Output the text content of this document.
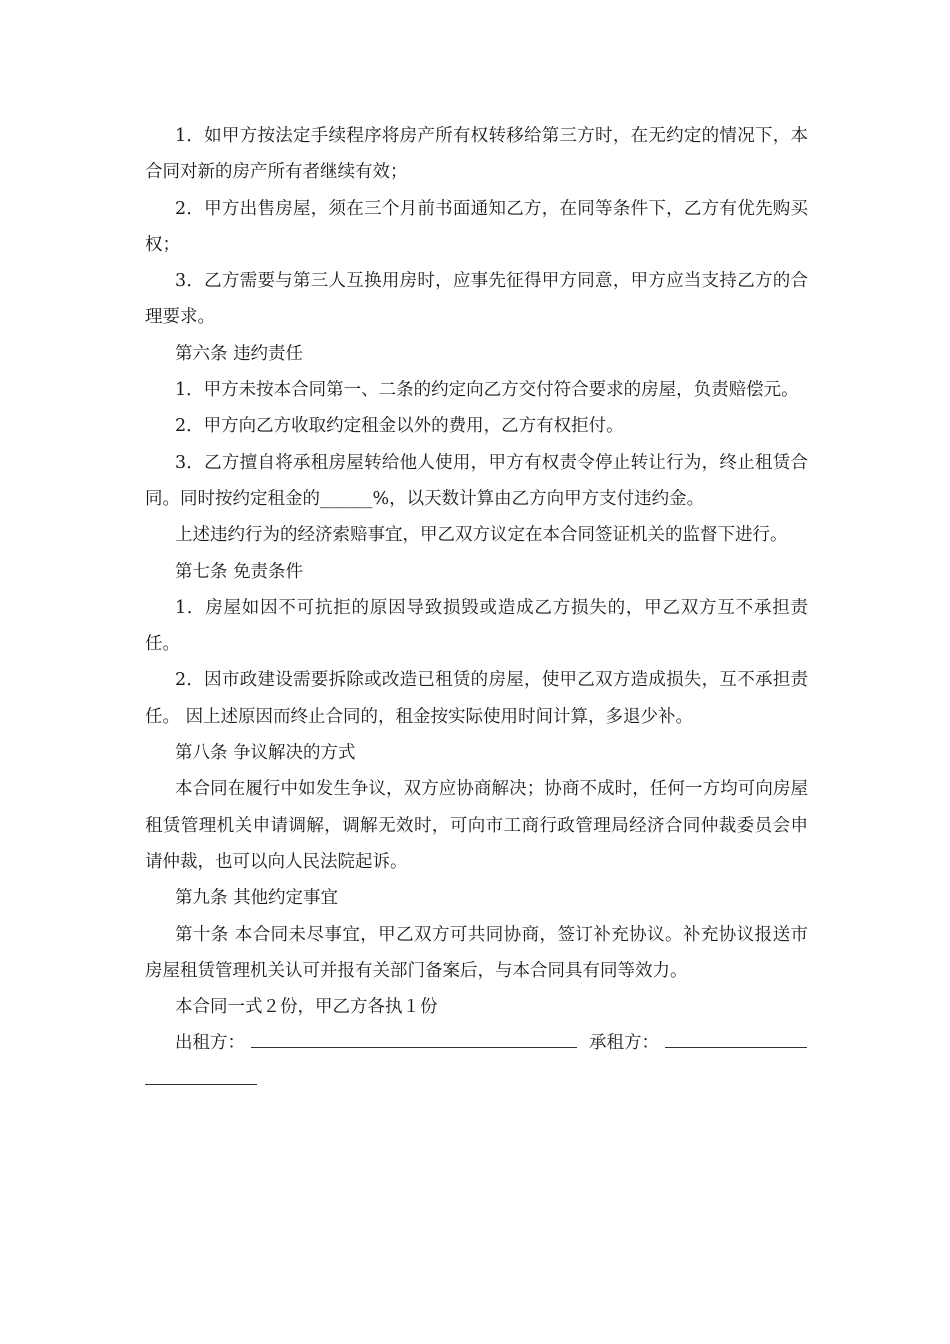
1．如甲方按法定手续程序将房产所有权转移给第三方时，在无约定的情况下，本合同对新的房产所有者继续有效；

2．甲方出售房屋，须在三个月前书面通知乙方，在同等条件下，乙方有优先购买权；

3．乙方需要与第三人互换用房时，应事先征得甲方同意，甲方应当支持乙方的合理要求。

第六条 违约责任

1．甲方未按本合同第一、二条的约定向乙方交付符合要求的房屋，负责赔偿元。

2．甲方向乙方收取约定租金以外的费用，乙方有权拒付。

3．乙方擅自将承租房屋转给他人使用，甲方有权责令停止转让行为，终止租赁合同。同时按约定租金的______%，以天数计算由乙方向甲方支付违约金。

上述违约行为的经济索赔事宜，甲乙双方议定在本合同签证机关的监督下进行。

第七条 免责条件

1．房屋如因不可抗拒的原因导致损毁或造成乙方损失的，甲乙双方互不承担责任。

2．因市政建设需要拆除或改造已租赁的房屋，使甲乙双方造成损失，互不承担责任。 因上述原因而终止合同的，租金按实际使用时间计算，多退少补。

第八条 争议解决的方式

本合同在履行中如发生争议，双方应协商解决；协商不成时，任何一方均可向房屋租赁管理机关申请调解，调解无效时，可向市工商行政管理局经济合同仲裁委员会申请仲裁，也可以向人民法院起诉。

第九条 其他约定事宜

第十条 本合同未尽事宜，甲乙双方可共同协商，签订补充协议。补充协议报送市房屋租赁管理机关认可并报有关部门备案后，与本合同具有同等效力。

本合同一式２份，甲乙方各执１份

出租方：	承租方：
